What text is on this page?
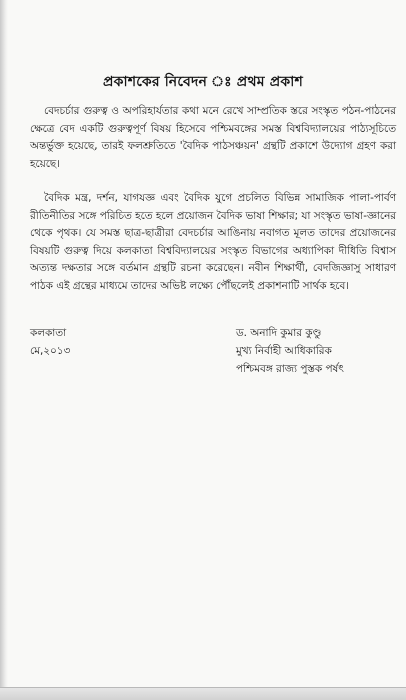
প্রকাশকের নিবেদন ঃ প্রথম প্রকাশ

বেদচর্চার গুরুত্ব ও অপরিহার্যতার কথা মনে রেখে সাম্প্রতিক স্তরে সংস্কৃত পঠন-পাঠনের ক্ষেত্রে বেদ একটি গুরুত্বপূর্ণ বিষয় হিসেবে পশ্চিমবঙ্গের সমস্ত বিশ্ববিদ্যালয়ের পাঠ্যসূচিতে অন্তর্ভুক্ত হয়েছে, তারই ফলশ্রুতিতে 'বৈদিক পাঠসঞ্চয়ন' গ্রন্থটি প্রকাশে উদ্যোগ গ্রহণ করা হয়েছে।

বৈদিক মন্ত্র, দর্শন, যাগযজ্ঞ এবং বৈদিক যুগে প্রচলিত বিভিন্ন সামাজিক পালা-পার্বণ রীতিনীতির সঙ্গে পরিচিত হতে হলে প্রয়োজন বৈদিক ভাষা শিক্ষার; যা সংস্কৃত ভাষা-জ্ঞানের থেকে পৃথক। যে সমস্ত ছাত্র-ছাত্রীরা বেদচর্চার আঙিনায় নবাগত মূলত তাদের প্রয়োজনের বিষয়টি গুরুত্ব দিয়ে কলকাতা বিশ্ববিদ্যালয়ের সংস্কৃত বিভাগের অধ্যাপিকা দীধিতি বিশ্বাস অত্যন্ত দক্ষতার সঙ্গে বর্তমান গ্রন্থটি রচনা করেছেন। নবীন শিক্ষার্থী, বেদজিজ্ঞাসু সাধারণ পাঠক এই গ্রন্থের মাধ্যমে তাদের অভিষ্ট লক্ষ্যে পৌঁছলেই প্রকাশনাটি সার্থক হবে।

কলকাতা
মে,২০১৩
ড. অনাদি কুমার কুণ্ডু
মুখ্য নির্বাহী আধিকারিক
পশ্চিমবঙ্গ রাজ্য পুস্তক পর্ষৎ
